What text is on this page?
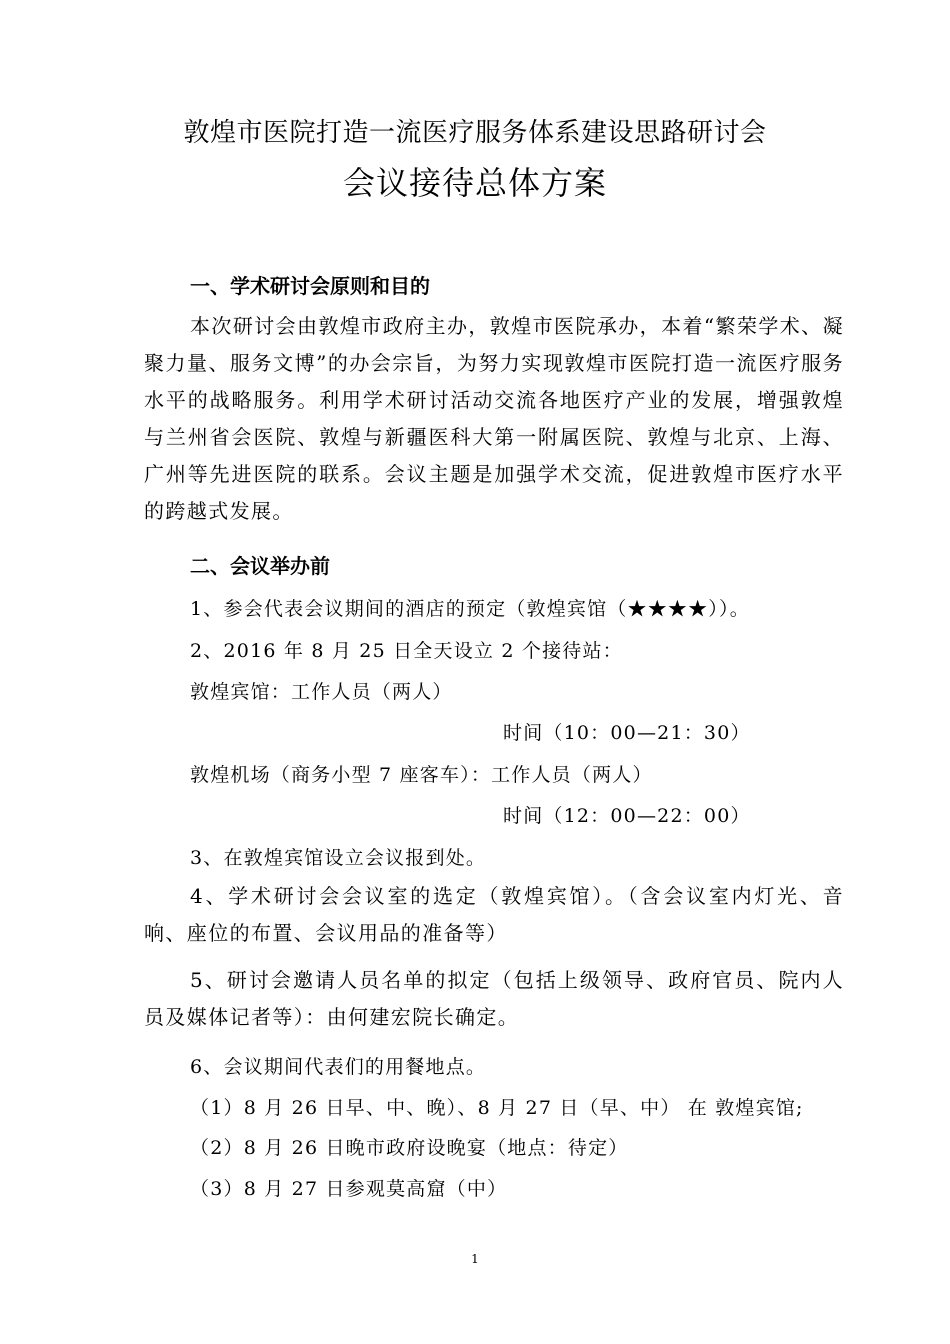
敦煌市医院打造一流医疗服务体系建设思路研讨会
会议接待总体方案
一、学术研讨会原则和目的
本次研讨会由敦煌市政府主办，敦煌市医院承办，本着“繁荣学术、凝聚力量、服务文博”的办会宗旨，为努力实现敦煌市医院打造一流医疗服务水平的战略服务。利用学术研讨活动交流各地医疗产业的发展，增强敦煌与兰州省会医院、敦煌与新疆医科大第一附属医院、敦煌与北京、上海、广州等先进医院的联系。会议主题是加强学术交流，促进敦煌市医疗水平的跨越式发展。
二、会议举办前
1、参会代表会议期间的酒店的预定（敦煌宾馆（★★★★））。
2、2016 年 8 月 25 日全天设立 2 个接待站：
敦煌宾馆：工作人员（两人）
时间（10：00—21：30）
敦煌机场（商务小型 7 座客车）：工作人员（两人）
时间（12：00—22：00）
3、在敦煌宾馆设立会议报到处。
4、学术研讨会会议室的选定（敦煌宾馆）。（含会议室内灯光、音响、座位的布置、会议用品的准备等）
5、研讨会邀请人员名单的拟定（包括上级领导、政府官员、院内人员及媒体记者等）：由何建宏院长确定。
6、会议期间代表们的用餐地点。
（1）8 月 26 日早、中、晚）、8 月 27 日（早、中） 在 敦煌宾馆;
（2）8 月 26 日晚市政府设晚宴（地点：待定）
（3）8 月 27 日参观莫高窟（中）
1
